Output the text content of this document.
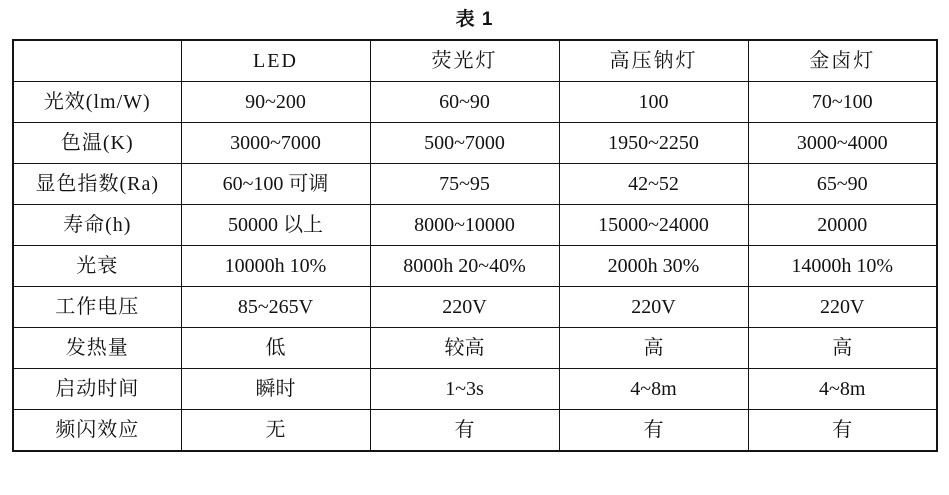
表 1
	LED	荧光灯	高压钠灯	金卤灯
光效(lm/W)	90~200	60~90	100	70~100
色温(K)	3000~7000	500~7000	1950~2250	3000~4000
显色指数(Ra)	60~100 可调	75~95	42~52	65~90
寿命(h)	50000 以上	8000~10000	15000~24000	20000
光衰	10000h 10%	8000h 20~40%	2000h 30%	14000h 10%
工作电压	85~265V	220V	220V	220V
发热量	低	较高	高	高
启动时间	瞬时	1~3s	4~8m	4~8m
频闪效应	无	有	有	有
